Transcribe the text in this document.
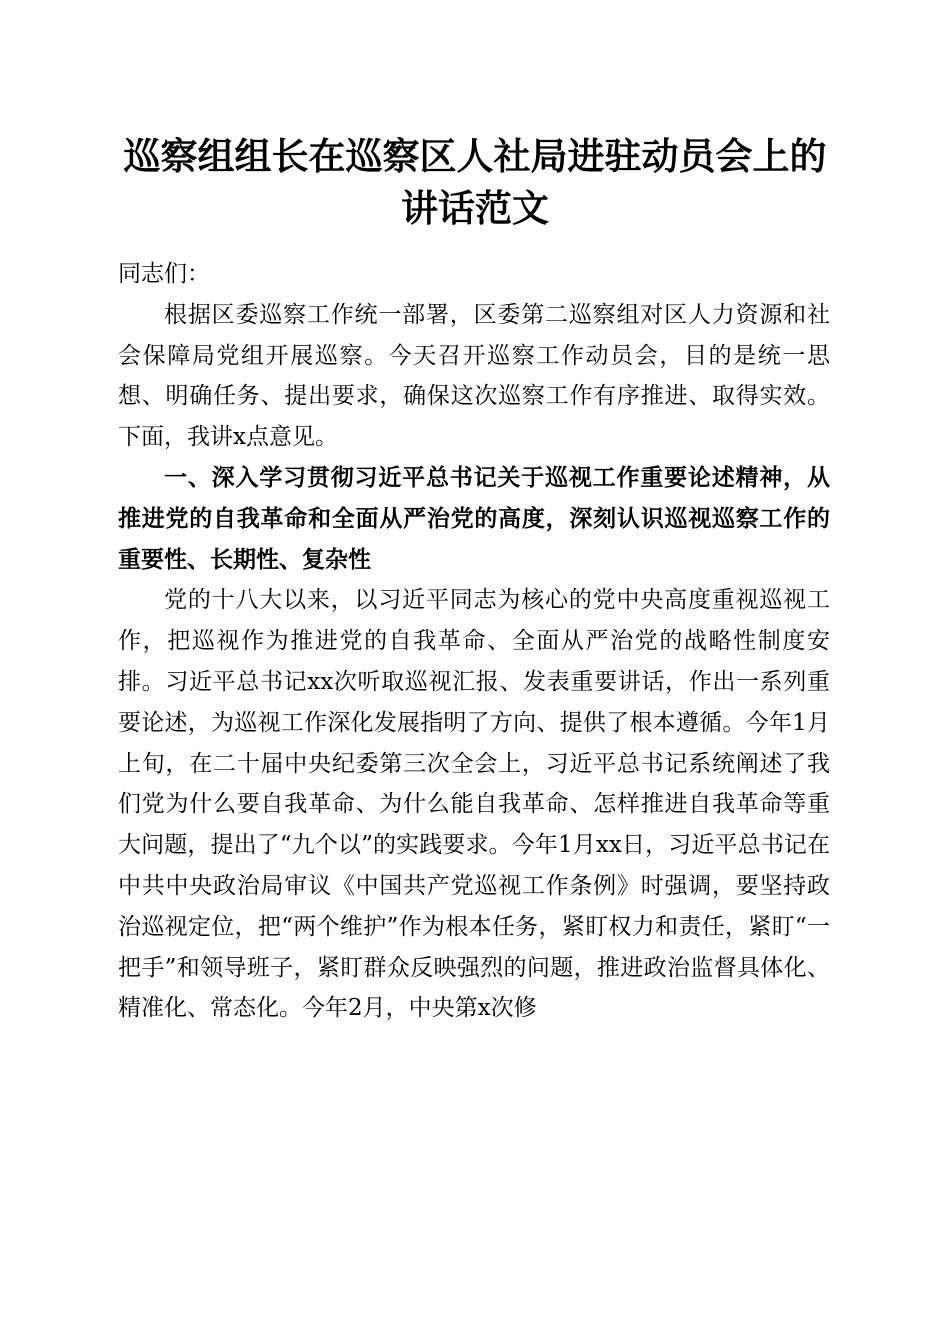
巡察组组长在巡察区人社局进驻动员会上的讲话范文

同志们：

根据区委巡察工作统一部署，区委第二巡察组对区人力资源和社会保障局党组开展巡察。今天召开巡察工作动员会，目的是统一思想、明确任务、提出要求，确保这次巡察工作有序推进、取得实效。下面，我讲x点意见。

一、深入学习贯彻习近平总书记关于巡视工作重要论述精神，从推进党的自我革命和全面从严治党的高度，深刻认识巡视巡察工作的重要性、长期性、复杂性

党的十八大以来，以习近平同志为核心的党中央高度重视巡视工作，把巡视作为推进党的自我革命、全面从严治党的战略性制度安排。习近平总书记xx次听取巡视汇报、发表重要讲话，作出一系列重要论述，为巡视工作深化发展指明了方向、提供了根本遵循。今年1月上旬，在二十届中央纪委第三次全会上，习近平总书记系统阐述了我们党为什么要自我革命、为什么能自我革命、怎样推进自我革命等重大问题，提出了“九个以”的实践要求。今年1月xx日，习近平总书记在中共中央政治局审议《中国共产党巡视工作条例》时强调，要坚持政治巡视定位，把“两个维护”作为根本任务，紧盯权力和责任，紧盯“一把手”和领导班子，紧盯群众反映强烈的问题，推进政治监督具体化、精准化、常态化。今年2月，中央第x次修
